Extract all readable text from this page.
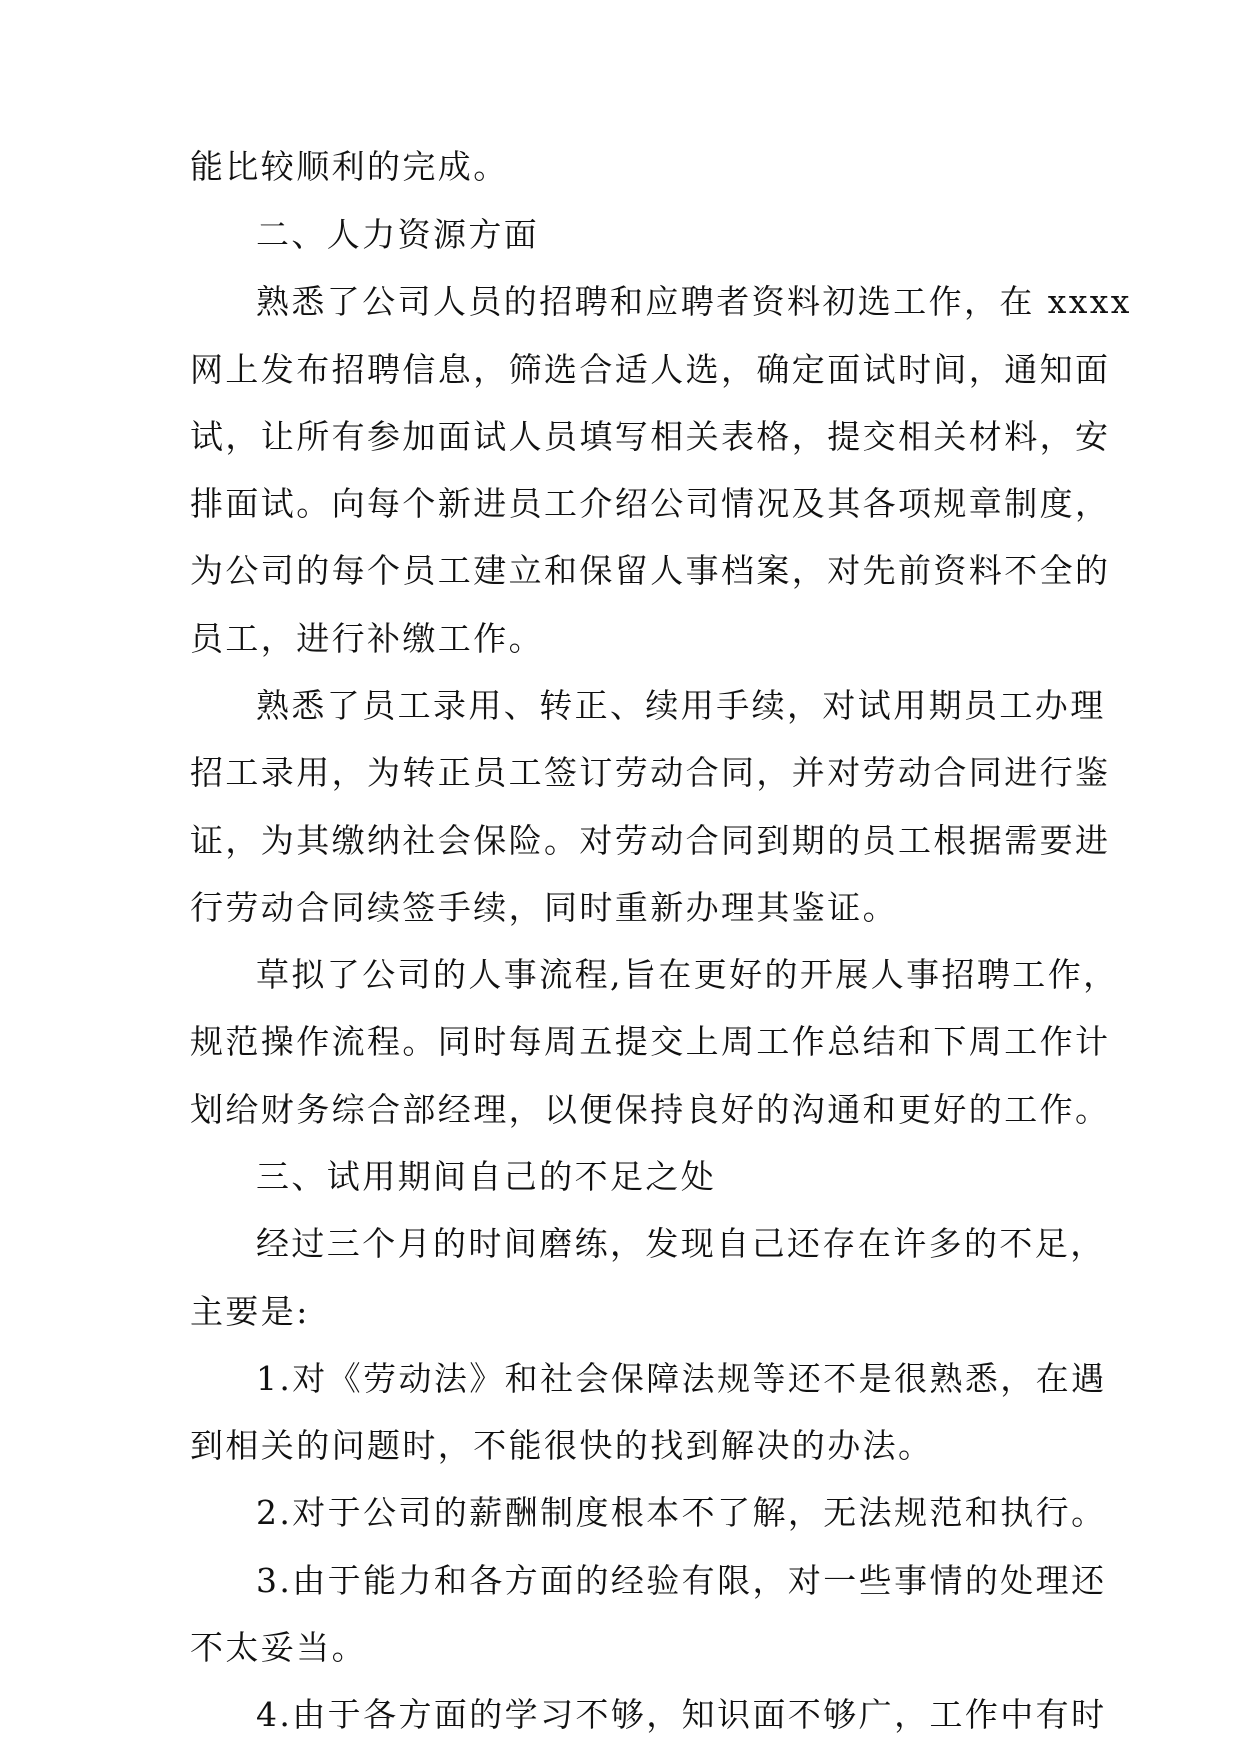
能比较顺利的完成。
二、人力资源方面
熟悉了公司人员的招聘和应聘者资料初选工作，在 xxxx
网上发布招聘信息，筛选合适人选，确定面试时间，通知面
试，让所有参加面试人员填写相关表格，提交相关材料，安
排面试。向每个新进员工介绍公司情况及其各项规章制度，
为公司的每个员工建立和保留人事档案，对先前资料不全的
员工，进行补缴工作。
熟悉了员工录用、转正、续用手续，对试用期员工办理
招工录用，为转正员工签订劳动合同，并对劳动合同进行鉴
证，为其缴纳社会保险。对劳动合同到期的员工根据需要进
行劳动合同续签手续，同时重新办理其鉴证。
草拟了公司的人事流程,旨在更好的开展人事招聘工作，
规范操作流程。同时每周五提交上周工作总结和下周工作计
划给财务综合部经理，以便保持良好的沟通和更好的工作。
三、试用期间自己的不足之处
经过三个月的时间磨练，发现自己还存在许多的不足，
主要是:
1.对《劳动法》和社会保障法规等还不是很熟悉，在遇
到相关的问题时，不能很快的找到解决的办法。
2.对于公司的薪酬制度根本不了解，无法规范和执行。
3.由于能力和各方面的经验有限，对一些事情的处理还
不太妥当。
4.由于各方面的学习不够，知识面不够广，工作中有时
